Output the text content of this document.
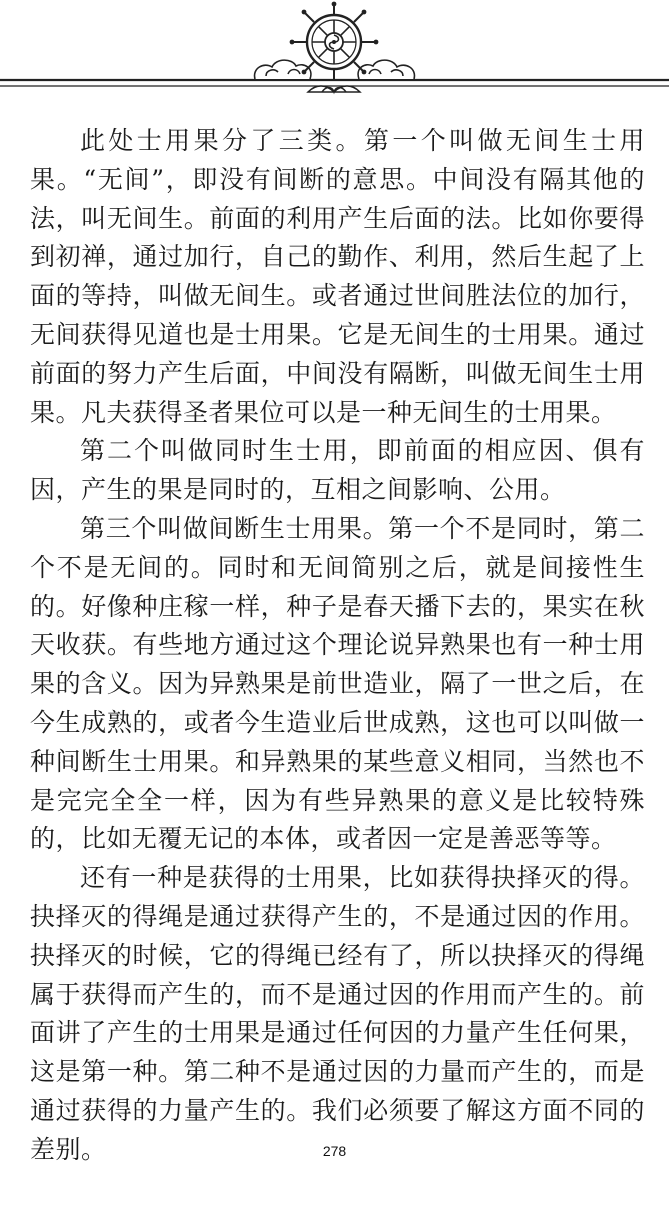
此处士用果分了三类。第一个叫做无间生士用果。“无间”，即没有间断的意思。中间没有隔其他的法，叫无间生。前面的利用产生后面的法。比如你要得到初禅，通过加行，自己的勤作、利用，然后生起了上面的等持，叫做无间生。或者通过世间胜法位的加行，无间获得见道也是士用果。它是无间生的士用果。通过前面的努力产生后面，中间没有隔断，叫做无间生士用果。凡夫获得圣者果位可以是一种无间生的士用果。

第二个叫做同时生士用，即前面的相应因、俱有因，产生的果是同时的，互相之间影响、公用。

第三个叫做间断生士用果。第一个不是同时，第二个不是无间的。同时和无间简别之后，就是间接性生的。好像种庄稼一样，种子是春天播下去的，果实在秋天收获。有些地方通过这个理论说异熟果也有一种士用果的含义。因为异熟果是前世造业，隔了一世之后，在今生成熟的，或者今生造业后世成熟，这也可以叫做一种间断生士用果。和异熟果的某些意义相同，当然也不是完完全全一样，因为有些异熟果的意义是比较特殊的，比如无覆无记的本体，或者因一定是善恶等等。

还有一种是获得的士用果，比如获得抉择灭的得。抉择灭的得绳是通过获得产生的，不是通过因的作用。抉择灭的时候，它的得绳已经有了，所以抉择灭的得绳属于获得而产生的，而不是通过因的作用而产生的。前面讲了产生的士用果是通过任何因的力量产生任何果，这是第一种。第二种不是通过因的力量而产生的，而是通过获得的力量产生的。我们必须要了解这方面不同的差别。	278
